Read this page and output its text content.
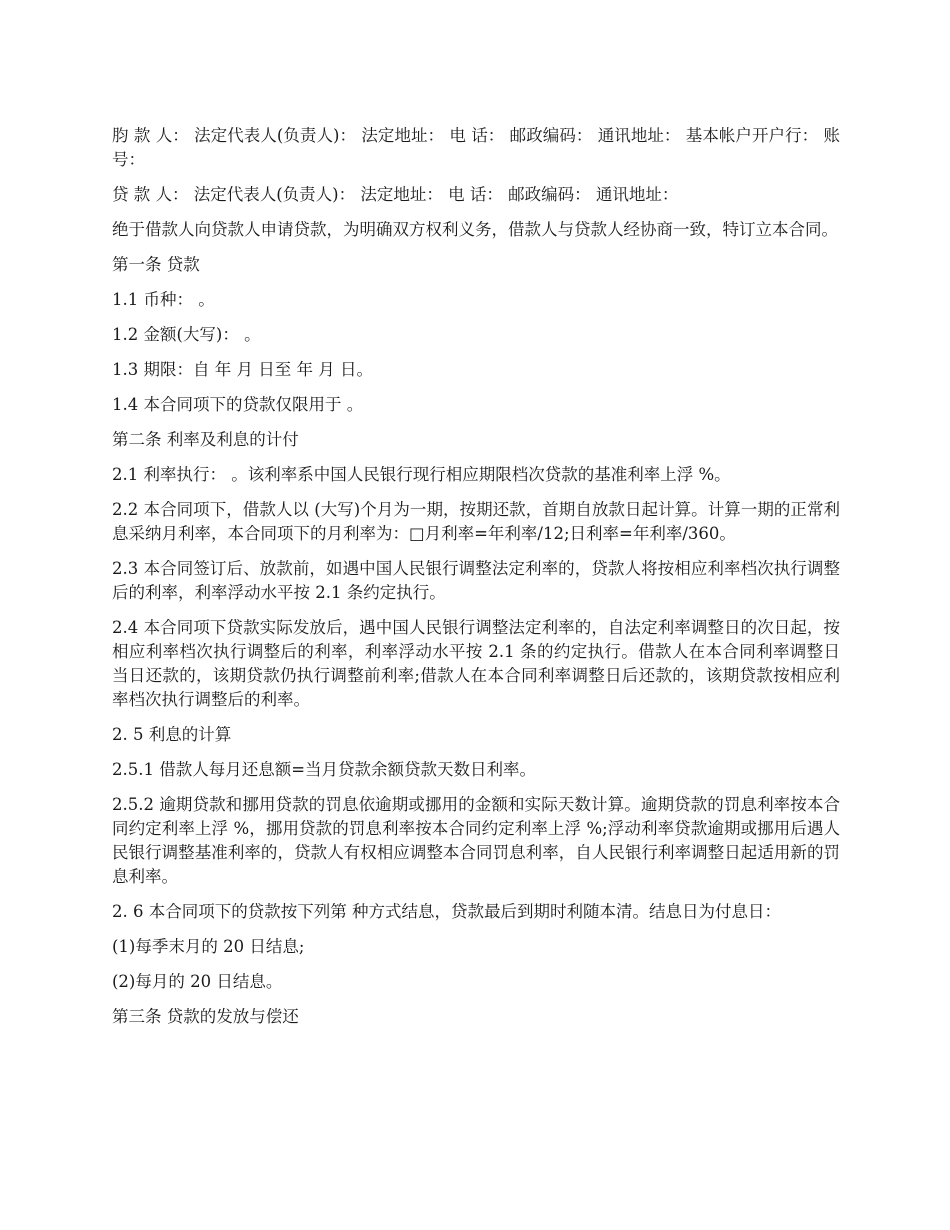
䏛 款 人： 法定代表人(负责人)： 法定地址： 电 话： 邮政编码： 通讯地址： 基本帐户开户行： 账 号：

贷 款 人： 法定代表人(负责人)： 法定地址： 电 话： 邮政编码： 通讯地址：

绝于借款人向贷款人申请贷款，为明确双方权利义务，借款人与贷款人经协商一致，特订立本合同。

第一条 贷款

1.1 币种： 。

1.2 金额(大写)： 。

1.3 期限：自 年 月 日至 年 月 日。

1.4 本合同项下的贷款仅限用于 。

第二条 利率及利息的计付

2.1 利率执行： 。该利率系中国人民银行现行相应期限档次贷款的基准利率上浮 %。

2.2 本合同项下，借款人以 (大写)个月为一期，按期还款，首期自放款日起计算。计算一期的正常利息采纳月利率，本合同项下的月利率为：□月利率=年利率/12;日利率=年利率/360。

2.3 本合同签订后、放款前，如遇中国人民银行调整法定利率的，贷款人将按相应利率档次执行调整后的利率，利率浮动水平按 2.1 条约定执行。

2.4 本合同项下贷款实际发放后，遇中国人民银行调整法定利率的，自法定利率调整日的次日起，按相应利率档次执行调整后的利率，利率浮动水平按 2.1 条的约定执行。借款人在本合同利率调整日当日还款的，该期贷款仍执行调整前利率;借款人在本合同利率调整日后还款的，该期贷款按相应利率档次执行调整后的利率。

2. 5 利息的计算

2.5.1 借款人每月还息额=当月贷款余额贷款天数日利率。

2.5.2 逾期贷款和挪用贷款的罚息依逾期或挪用的金额和实际天数计算。逾期贷款的罚息利率按本合同约定利率上浮 %，挪用贷款的罚息利率按本合同约定利率上浮 %;浮动利率贷款逾期或挪用后遇人民银行调整基准利率的，贷款人有权相应调整本合同罚息利率，自人民银行利率调整日起适用新的罚息利率。

2. 6 本合同项下的贷款按下列第 种方式结息，贷款最后到期时利随本清。结息日为付息日：

(1)每季末月的 20 日结息;

(2)每月的 20 日结息。

第三条 贷款的发放与偿还
